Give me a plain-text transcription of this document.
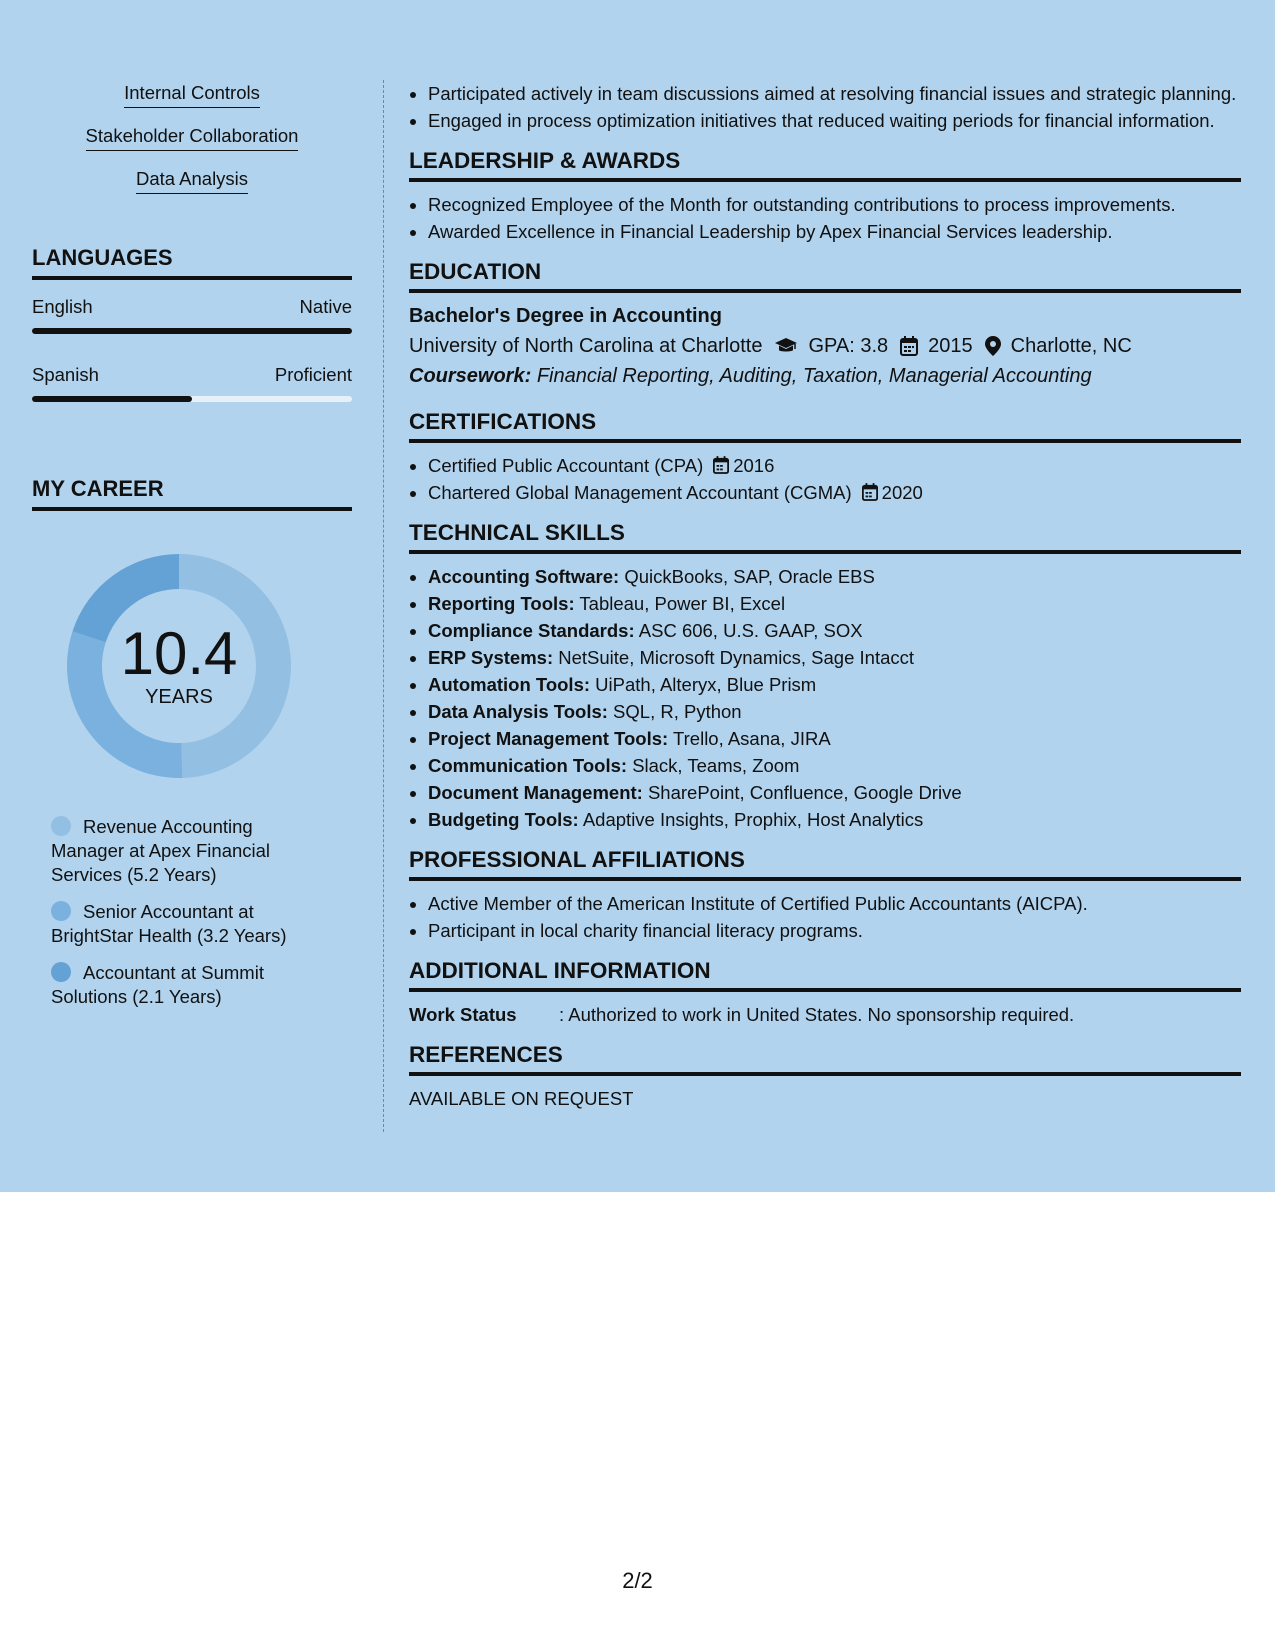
Internal Controls
Stakeholder Collaboration
Data Analysis
LANGUAGES
English	Native
Spanish	Proficient
MY CAREER
10.4
YEARS
Revenue Accounting Manager at Apex Financial Services (5.2 Years)
Senior Accountant at BrightStar Health (3.2 Years)
Accountant at Summit Solutions (2.1 Years)
• Participated actively in team discussions aimed at resolving financial issues and strategic planning.
• Engaged in process optimization initiatives that reduced waiting periods for financial information.
LEADERSHIP & AWARDS
• Recognized Employee of the Month for outstanding contributions to process improvements.
• Awarded Excellence in Financial Leadership by Apex Financial Services leadership.
EDUCATION
Bachelor's Degree in Accounting
University of North Carolina at Charlotte GPA: 3.8 2015 Charlotte, NC
Coursework: Financial Reporting, Auditing, Taxation, Managerial Accounting
CERTIFICATIONS
• Certified Public Accountant (CPA) 2016
• Chartered Global Management Accountant (CGMA) 2020
TECHNICAL SKILLS
• Accounting Software: QuickBooks, SAP, Oracle EBS
• Reporting Tools: Tableau, Power BI, Excel
• Compliance Standards: ASC 606, U.S. GAAP, SOX
• ERP Systems: NetSuite, Microsoft Dynamics, Sage Intacct
• Automation Tools: UiPath, Alteryx, Blue Prism
• Data Analysis Tools: SQL, R, Python
• Project Management Tools: Trello, Asana, JIRA
• Communication Tools: Slack, Teams, Zoom
• Document Management: SharePoint, Confluence, Google Drive
• Budgeting Tools: Adaptive Insights, Prophix, Host Analytics
PROFESSIONAL AFFILIATIONS
• Active Member of the American Institute of Certified Public Accountants (AICPA).
• Participant in local charity financial literacy programs.
ADDITIONAL INFORMATION
Work Status	: Authorized to work in United States. No sponsorship required.
REFERENCES
AVAILABLE ON REQUEST
2/2
